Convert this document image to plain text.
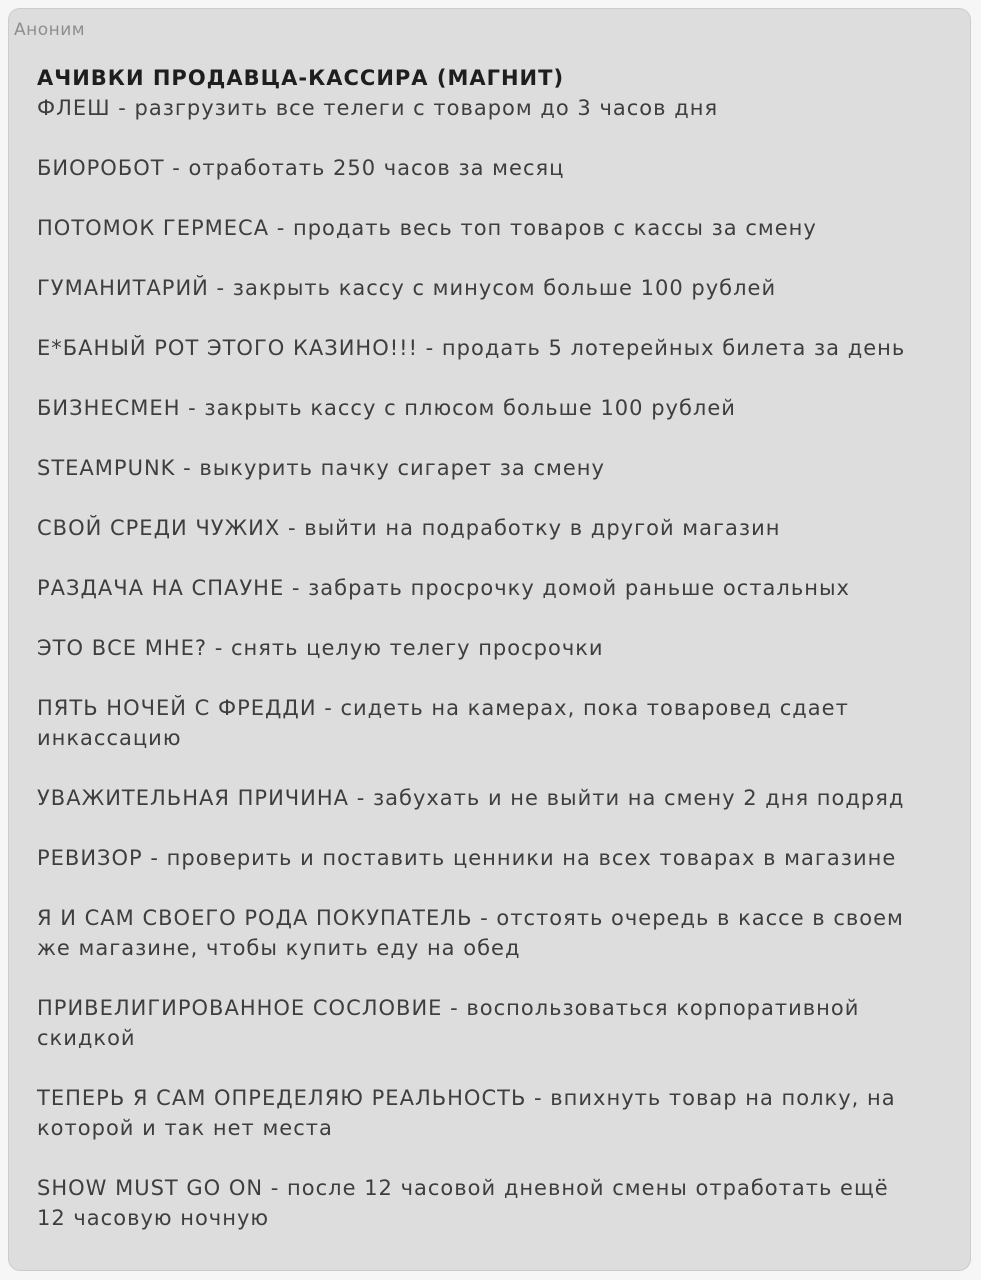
Аноним
АЧИВКИ ПРОДАВЦА-КАССИРА (МАГНИТ)

ФЛЕШ - разгрузить все телеги с товаром до 3 часов дня

БИОРОБОТ - отработать 250 часов за месяц

ПОТОМОК ГЕРМЕСА - продать весь топ товаров с кассы за смену

ГУМАНИТАРИЙ - закрыть кассу с минусом больше 100 рублей

Е*БАНЫЙ РОТ ЭТОГО КАЗИНО!!! - продать 5 лотерейных билета за день

БИЗНЕСМЕН - закрыть кассу с плюсом больше 100 рублей

STEAMPUNK - выкурить пачку сигарет за смену

СВОЙ СРЕДИ ЧУЖИХ - выйти на подработку в другой магазин

РАЗДАЧА НА СПАУНЕ - забрать просрочку домой раньше остальных

ЭТО ВСЕ МНЕ? - снять целую телегу просрочки

ПЯТЬ НОЧЕЙ С ФРЕДДИ - сидеть на камерах, пока товаровед сдает
инкассацию

УВАЖИТЕЛЬНАЯ ПРИЧИНА - забухать и не выйти на смену 2 дня подряд

РЕВИЗОР - проверить и поставить ценники на всех товарах в магазине

Я И САМ СВОЕГО РОДА ПОКУПАТЕЛЬ - отстоять очередь в кассе в своем
же магазине, чтобы купить еду на обед

ПРИВЕЛИГИРОВАННОЕ СОСЛОВИЕ - воспользоваться корпоративной
скидкой

ТЕПЕРЬ Я САМ ОПРЕДЕЛЯЮ РЕАЛЬНОСТЬ - впихнуть товар на полку, на
которой и так нет места

SHOW MUST GO ON - после 12 часовой дневной смены отработать ещё
12 часовую ночную
